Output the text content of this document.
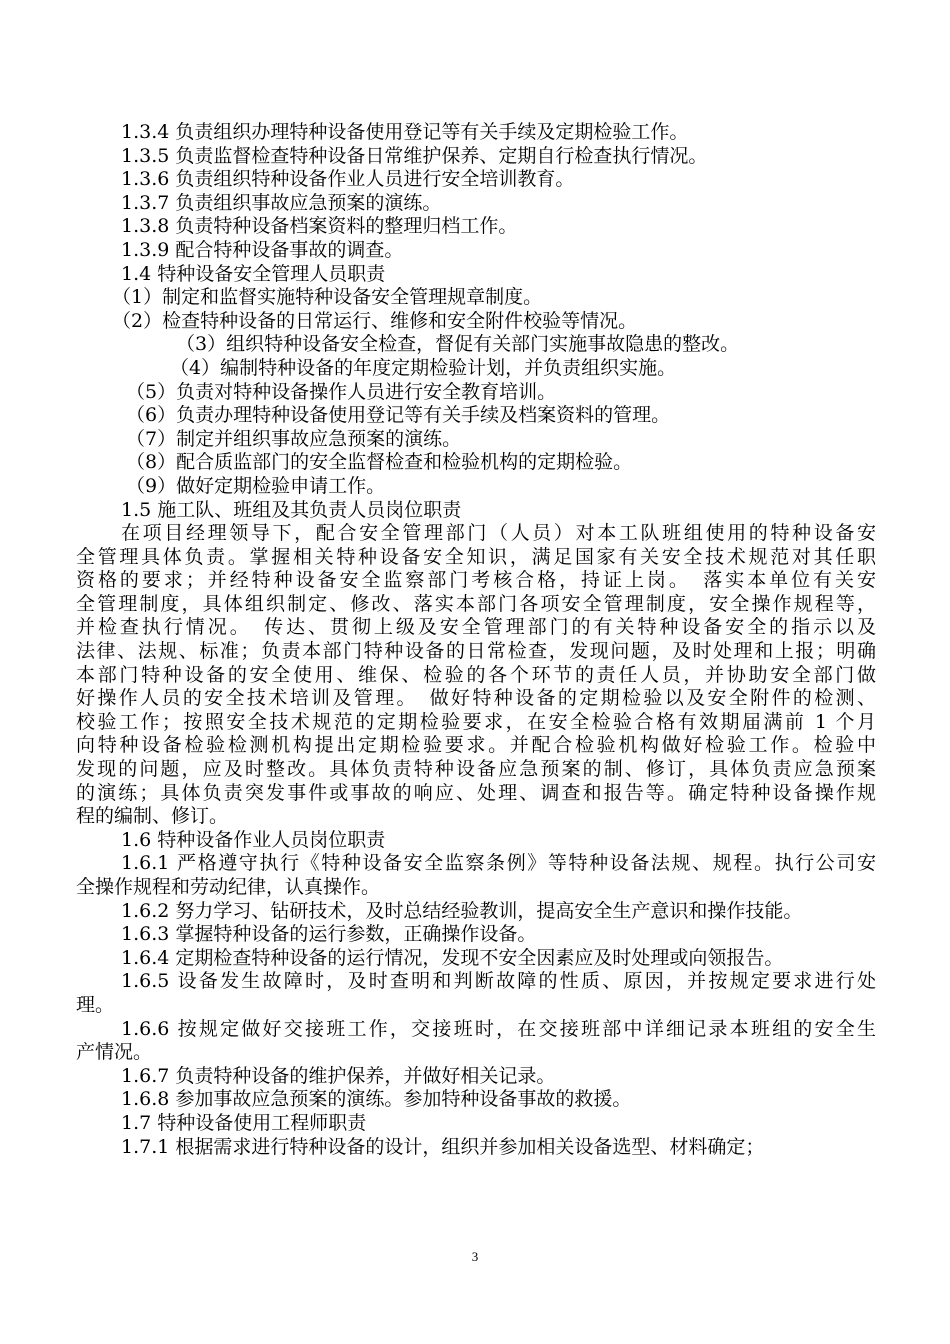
1.3.4 负责组织办理特种设备使用登记等有关手续及定期检验工作。
1.3.5 负责监督检查特种设备日常维护保养、定期自行检查执行情况。
1.3.6 负责组织特种设备作业人员进行安全培训教育。
1.3.7 负责组织事故应急预案的演练。
1.3.8 负责特种设备档案资料的整理归档工作。
1.3.9 配合特种设备事故的调查。
1.4 特种设备安全管理人员职责
（1）制定和监督实施特种设备安全管理规章制度。
（2）检查特种设备的日常运行、维修和安全附件校验等情况。
（3）组织特种设备安全检查，督促有关部门实施事故隐患的整改。
（4）编制特种设备的年度定期检验计划，并负责组织实施。
（5）负责对特种设备操作人员进行安全教育培训。
（6）负责办理特种设备使用登记等有关手续及档案资料的管理。
（7）制定并组织事故应急预案的演练。
（8）配合质监部门的安全监督检查和检验机构的定期检验。
（9）做好定期检验申请工作。
1.5 施工队、班组及其负责人员岗位职责
在项目经理领导下，配合安全管理部门（人员）对本工队班组使用的特种设备安
全管理具体负责。掌握相关特种设备安全知识，满足国家有关安全技术规范对其任职
资格的要求；并经特种设备安全监察部门考核合格，持证上岗。　落实本单位有关安
全管理制度，具体组织制定、修改、落实本部门各项安全管理制度，安全操作规程等，
并检查执行情况。　传达、贯彻上级及安全管理部门的有关特种设备安全的指示以及
法律、法规、标准；负责本部门特种设备的日常检查，发现问题，及时处理和上报；明确
本部门特种设备的安全使用、维保、检验的各个环节的责任人员，并协助安全部门做
好操作人员的安全技术培训及管理。　做好特种设备的定期检验以及安全附件的检测、
校验工作；按照安全技术规范的定期检验要求，在安全检验合格有效期届满前 1 个月
向特种设备检验检测机构提出定期检验要求。并配合检验机构做好检验工作。检验中
发现的问题，应及时整改。具体负责特种设备应急预案的制、修订，具体负责应急预案
的演练；具体负责突发事件或事故的响应、处理、调查和报告等。确定特种设备操作规
程的编制、修订。
1.6 特种设备作业人员岗位职责
1.6.1 严格遵守执行《特种设备安全监察条例》等特种设备法规、规程。执行公司安
全操作规程和劳动纪律，认真操作。
1.6.2 努力学习、钻研技术，及时总结经验教训，提高安全生产意识和操作技能。
1.6.3 掌握特种设备的运行参数，正确操作设备。
1.6.4 定期检查特种设备的运行情况，发现不安全因素应及时处理或向领报告。
1.6.5 设备发生故障时，及时查明和判断故障的性质、原因，并按规定要求进行处
理。
1.6.6 按规定做好交接班工作，交接班时，在交接班部中详细记录本班组的安全生
产情况。
1.6.7 负责特种设备的维护保养，并做好相关记录。
1.6.8 参加事故应急预案的演练。参加特种设备事故的救援。
1.7 特种设备使用工程师职责
1.7.1 根据需求进行特种设备的设计，组织并参加相关设备选型、材料确定；
3
